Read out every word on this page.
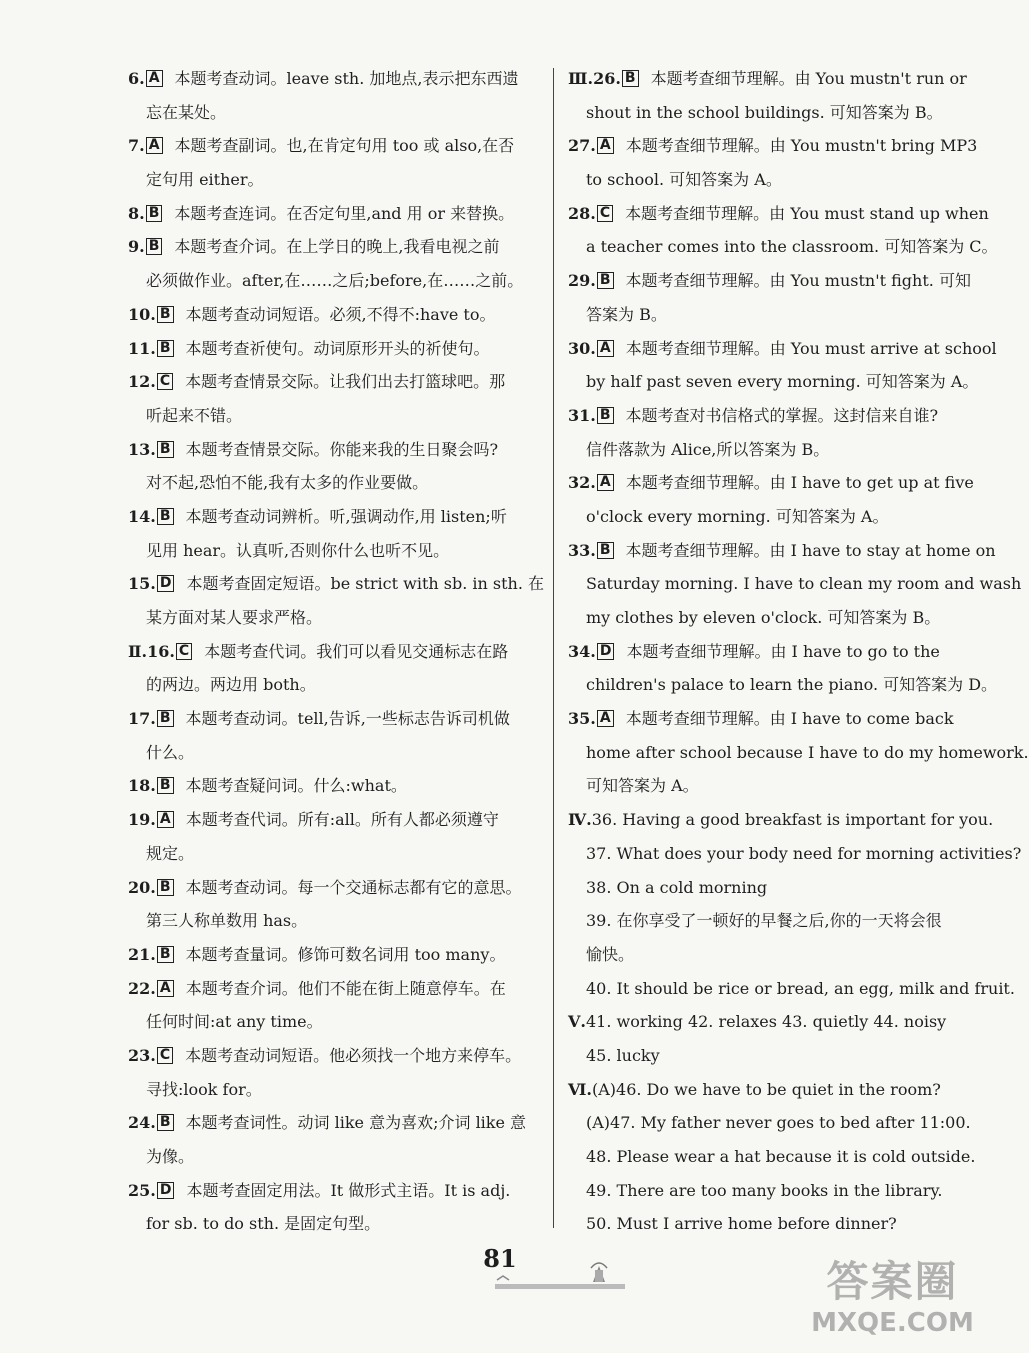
6. A 本题考查动词。leave sth. 加地点,表示把东西遗
忘在某处。
7. A 本题考查副词。也,在肯定句用 too 或 also,在否
定句用 either。
8. B 本题考查连词。在否定句里,and 用 or 来替换。
9. B 本题考查介词。在上学日的晚上,我看电视之前
必须做作业。after,在……之后;before,在……之前。
10. B 本题考查动词短语。必须,不得不:have to。
11. B 本题考查祈使句。动词原形开头的祈使句。
12. C 本题考查情景交际。让我们出去打篮球吧。那
听起来不错。
13. B 本题考查情景交际。你能来我的生日聚会吗?
对不起,恐怕不能,我有太多的作业要做。
14. B 本题考查动词辨析。听,强调动作,用 listen;听
见用 hear。认真听,否则你什么也听不见。
15. D 本题考查固定短语。be strict with sb. in sth. 在
某方面对某人要求严格。
Ⅱ.16. C 本题考查代词。我们可以看见交通标志在路
的两边。两边用 both。
17. B 本题考查动词。tell,告诉,一些标志告诉司机做
什么。
18. B 本题考查疑问词。什么:what。
19. A 本题考查代词。所有:all。所有人都必须遵守
规定。
20. B 本题考查动词。每一个交通标志都有它的意思。
第三人称单数用 has。
21. B 本题考查量词。修饰可数名词用 too many。
22. A 本题考查介词。他们不能在街上随意停车。在
任何时间:at any time。
23. C 本题考查动词短语。他必须找一个地方来停车。
寻找:look for。
24. B 本题考查词性。动词 like 意为喜欢;介词 like 意
为像。
25. D 本题考查固定用法。It 做形式主语。It is adj.
for sb. to do sth. 是固定句型。
Ⅲ.26. B 本题考查细节理解。由 You mustn't run or
shout in the school buildings. 可知答案为 B。
27. A 本题考查细节理解。由 You mustn't bring MP3
to school. 可知答案为 A。
28. C 本题考查细节理解。由 You must stand up when
a teacher comes into the classroom. 可知答案为 C。
29. B 本题考查细节理解。由 You mustn't fight. 可知
答案为 B。
30. A 本题考查细节理解。由 You must arrive at school
by half past seven every morning. 可知答案为 A。
31. B 本题考查对书信格式的掌握。这封信来自谁?
信件落款为 Alice,所以答案为 B。
32. A 本题考查细节理解。由 I have to get up at five
o'clock every morning. 可知答案为 A。
33. B 本题考查细节理解。由 I have to stay at home on
Saturday morning. I have to clean my room and wash
my clothes by eleven o'clock. 可知答案为 B。
34. D 本题考查细节理解。由 I have to go to the
children's palace to learn the piano. 可知答案为 D。
35. A 本题考查细节理解。由 I have to come back
home after school because I have to do my homework.
可知答案为 A。
Ⅳ.36. Having a good breakfast is important for you.
37. What does your body need for morning activities?
38. On a cold morning
39. 在你享受了一顿好的早餐之后,你的一天将会很
愉快。
40. It should be rice or bread, an egg, milk and fruit.
Ⅴ.41. working 42. relaxes 43. quietly 44. noisy
45. lucky
Ⅵ.(A)46. Do we have to be quiet in the room?
(A)47. My father never goes to bed after 11:00.
48. Please wear a hat because it is cold outside.
49. There are too many books in the library.
50. Must I arrive home before dinner?
81	答案圈
MXQE.COM
